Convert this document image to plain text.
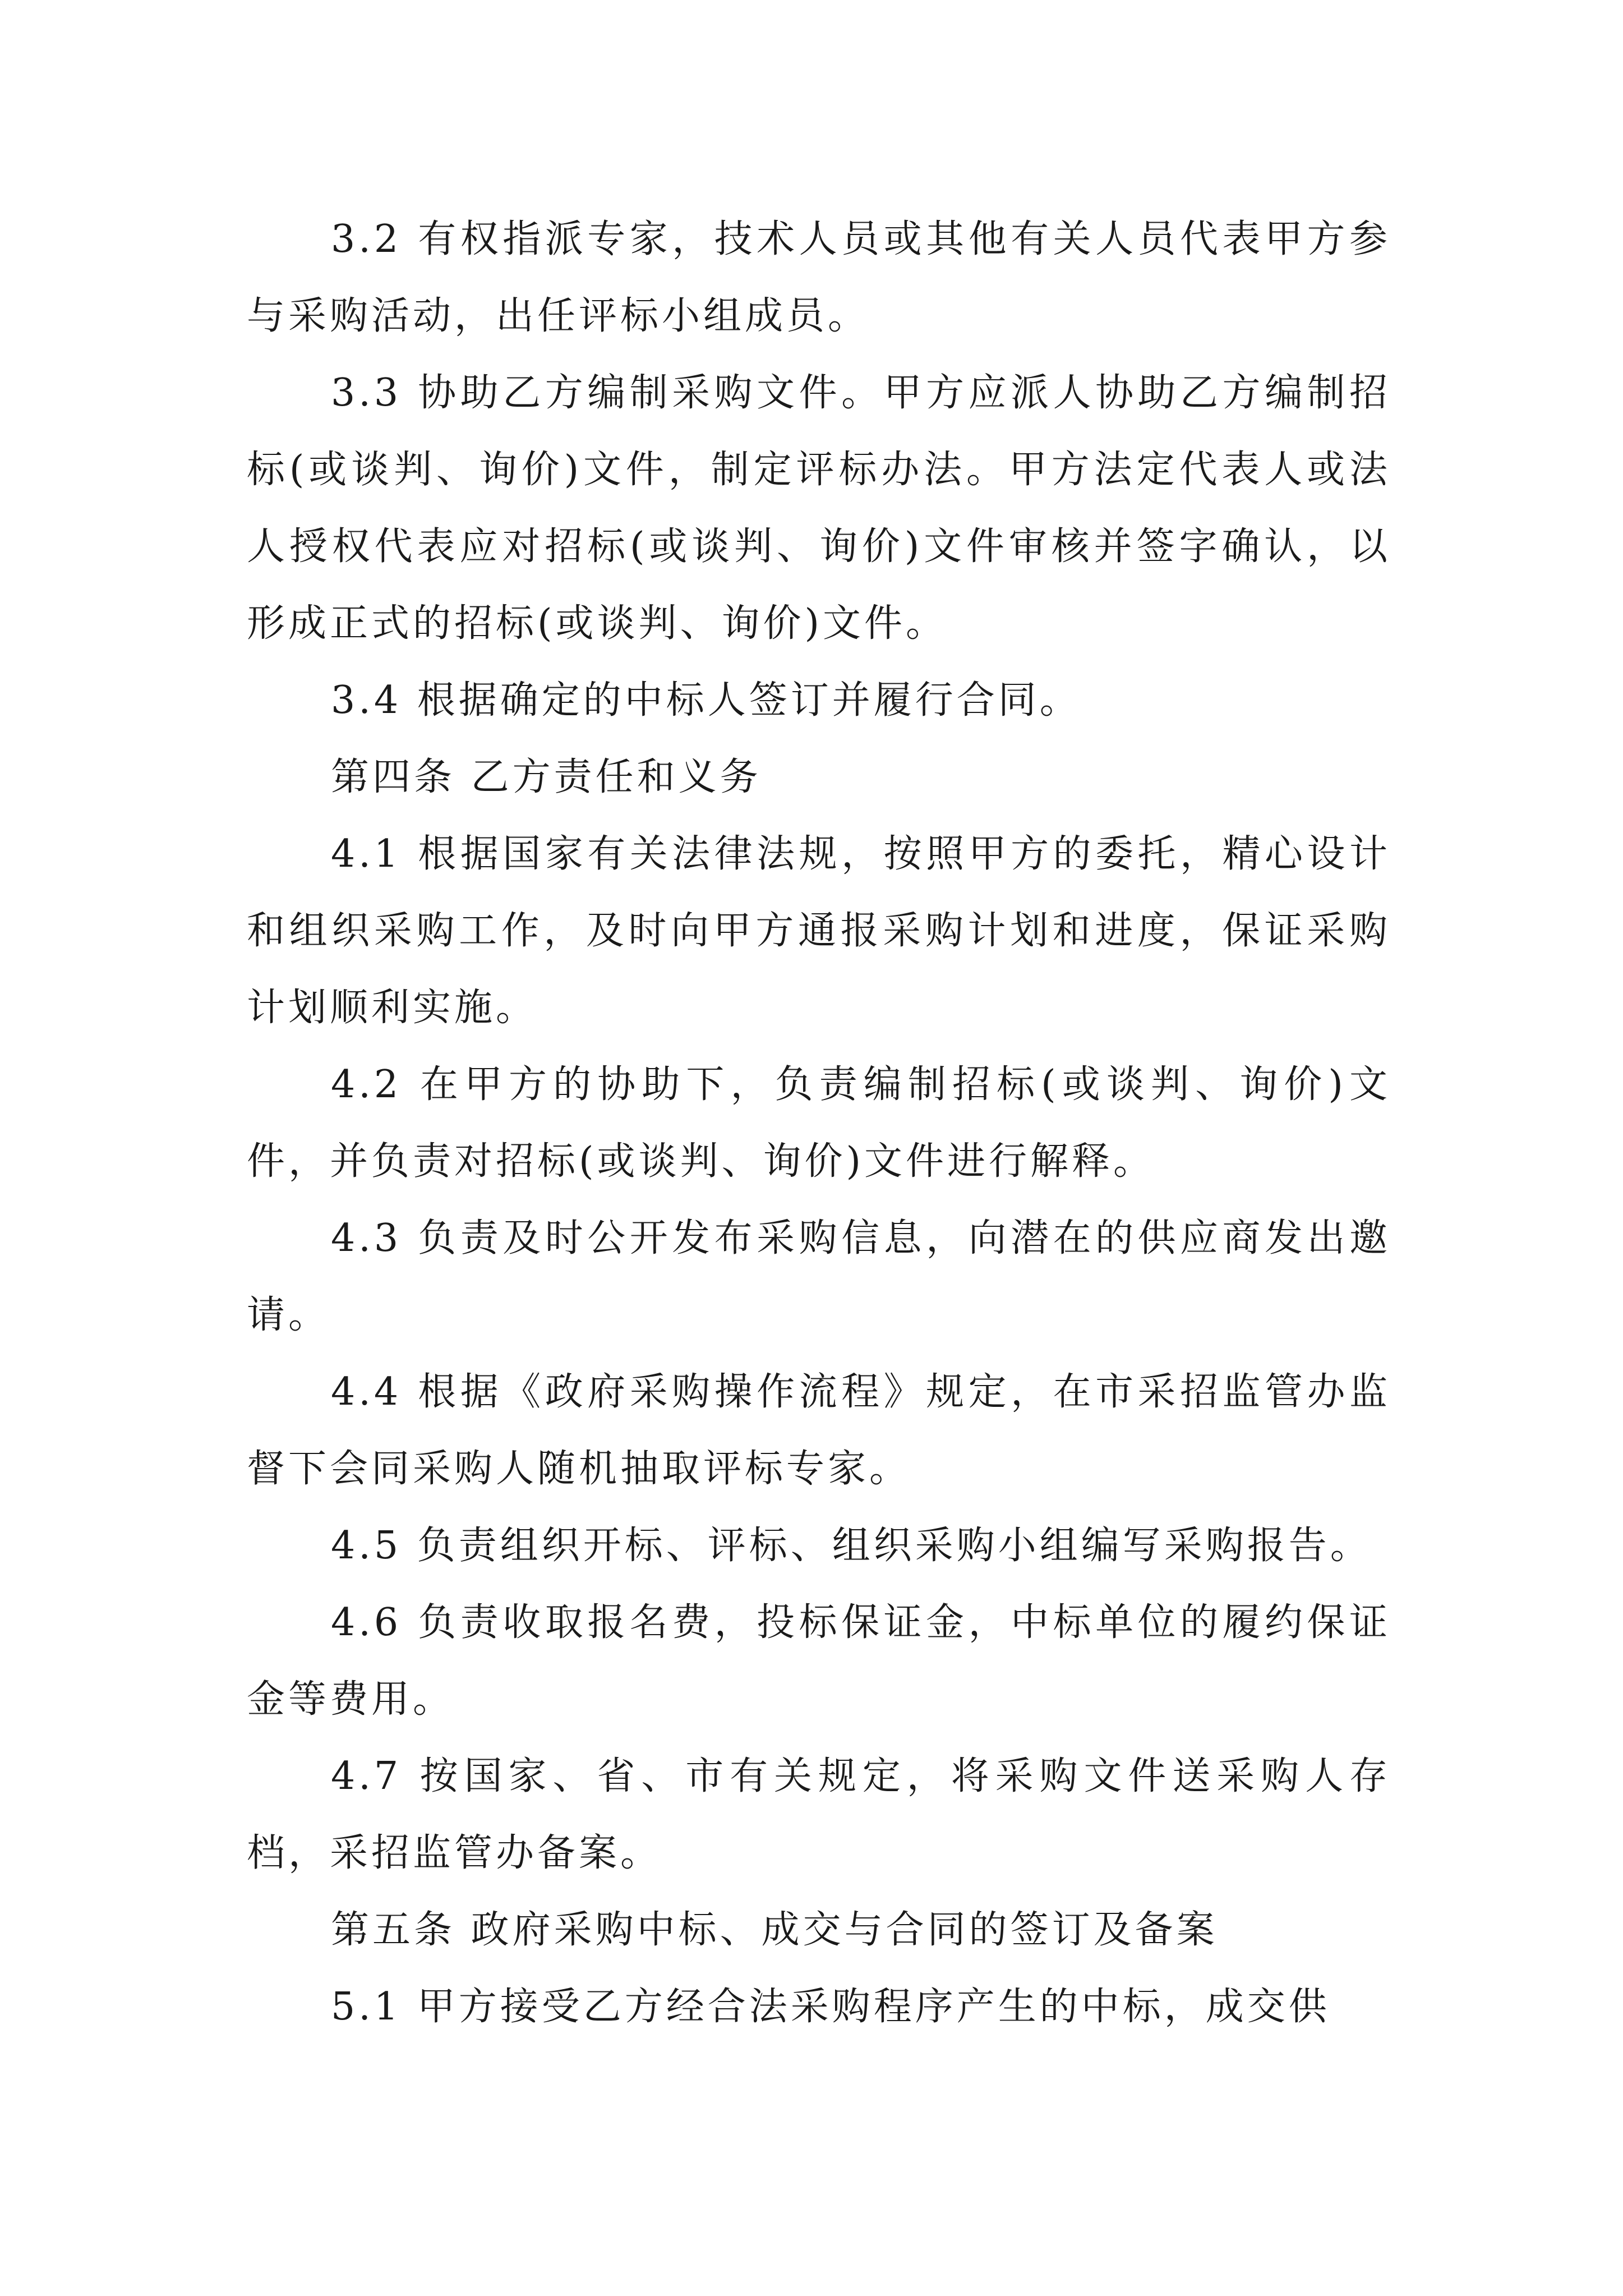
3.2 有权指派专家，技术人员或其他有关人员代表甲方参与采购活动，出任评标小组成员。

3.3 协助乙方编制采购文件。甲方应派人协助乙方编制招标(或谈判、询价)文件，制定评标办法。甲方法定代表人或法人授权代表应对招标(或谈判、询价)文件审核并签字确认，以形成正式的招标(或谈判、询价)文件。

3.4 根据确定的中标人签订并履行合同。

第四条 乙方责任和义务

4.1 根据国家有关法律法规，按照甲方的委托，精心设计和组织采购工作，及时向甲方通报采购计划和进度，保证采购计划顺利实施。

4.2 在甲方的协助下，负责编制招标(或谈判、询价)文件，并负责对招标(或谈判、询价)文件进行解释。

4.3 负责及时公开发布采购信息，向潜在的供应商发出邀请。

4.4 根据《政府采购操作流程》规定，在市采招监管办监督下会同采购人随机抽取评标专家。

4.5 负责组织开标、评标、组织采购小组编写采购报告。

4.6 负责收取报名费，投标保证金，中标单位的履约保证金等费用。

4.7 按国家、省、市有关规定，将采购文件送采购人存档，采招监管办备案。

第五条 政府采购中标、成交与合同的签订及备案

5.1 甲方接受乙方经合法采购程序产生的中标，成交供
